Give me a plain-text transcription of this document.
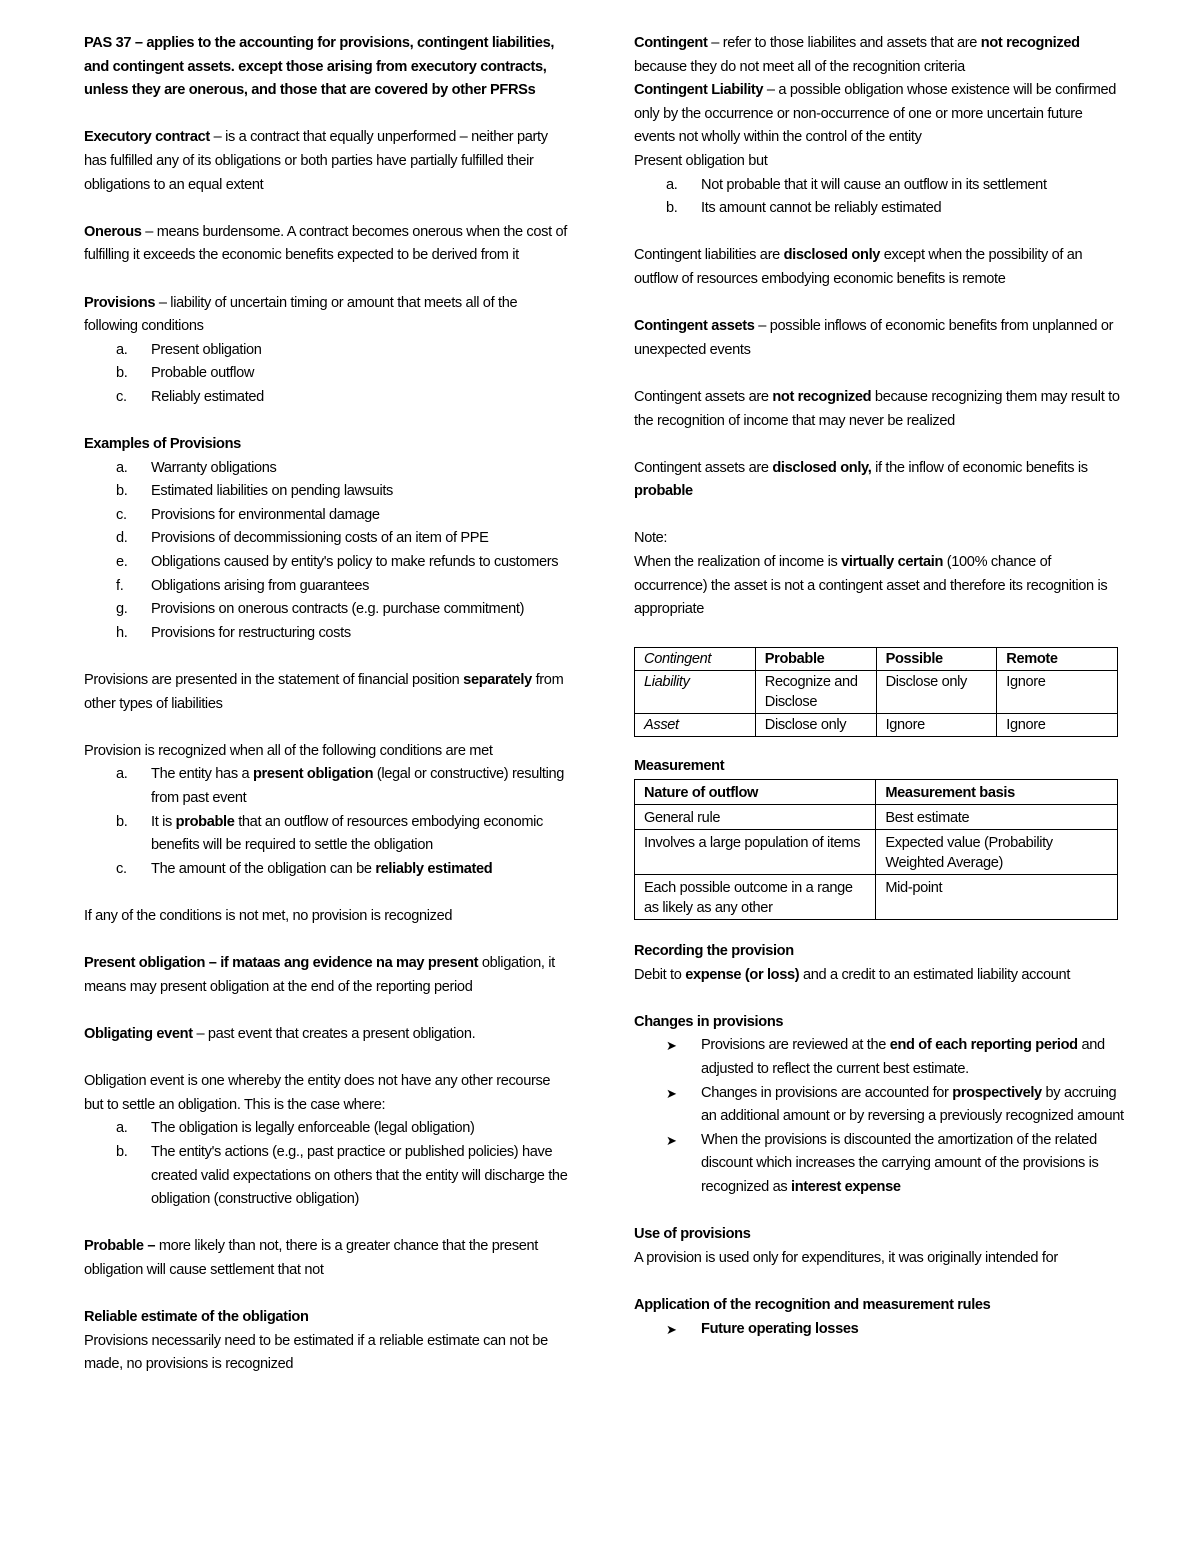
PAS 37 – applies to the accounting for provisions, contingent liabilities, and contingent assets. except those arising from executory contracts, unless they are onerous, and those that are covered by other PFRSs

Executory contract – is a contract that equally unperformed – neither party has fulfilled any of its obligations or both parties have partially fulfilled their obligations to an equal extent

Onerous – means burdensome. A contract becomes onerous when the cost of fulfilling it exceeds the economic benefits expected to be derived from it

Provisions – liability of uncertain timing or amount that meets all of the following conditions

a. Present obligation
b. Probable outflow
c. Reliably estimated

Examples of Provisions

a. Warranty obligations
b. Estimated liabilities on pending lawsuits
c. Provisions for environmental damage
d. Provisions of decommissioning costs of an item of PPE
e. Obligations caused by entity's policy to make refunds to customers
f. Obligations arising from guarantees
g. Provisions on onerous contracts (e.g. purchase commitment)
h. Provisions for restructuring costs

Provisions are presented in the statement of financial position separately from other types of liabilities

Provision is recognized when all of the following conditions are met

a. The entity has a present obligation (legal or constructive) resulting from past event
b. It is probable that an outflow of resources embodying economic benefits will be required to settle the obligation
c. The amount of the obligation can be reliably estimated

If any of the conditions is not met, no provision is recognized

Present obligation – if mataas ang evidence na may present obligation, it means may present obligation at the end of the reporting period

Obligating event – past event that creates a present obligation.

Obligation event is one whereby the entity does not have any other recourse but to settle an obligation. This is the case where:

a. The obligation is legally enforceable (legal obligation)
b. The entity's actions (e.g., past practice or published policies) have created valid expectations on others that the entity will discharge the obligation (constructive obligation)

Probable – more likely than not, there is a greater chance that the present obligation will cause settlement that not

Reliable estimate of the obligation

Provisions necessarily need to be estimated if a reliable estimate can not be made, no provisions is recognized

Contingent – refer to those liabilites and assets that are not recognized because they do not meet all of the recognition criteria

Contingent Liability – a possible obligation whose existence will be confirmed only by the occurrence or non-occurrence of one or more uncertain future events not wholly within the control of the entity

Present obligation but

a. Not probable that it will cause an outflow in its settlement
b. Its amount cannot be reliably estimated

Contingent liabilities are disclosed only except when the possibility of an outflow of resources embodying economic benefits is remote

Contingent assets – possible inflows of economic benefits from unplanned or unexpected events

Contingent assets are not recognized because recognizing them may result to the recognition of income that may never be realized

Contingent assets are disclosed only, if the inflow of economic benefits is probable

Note:

When the realization of income is virtually certain (100% chance of occurrence) the asset is not a contingent asset and therefore its recognition is appropriate

Contingent	Probable	Possible	Remote
Liability	Recognize and Disclose	Disclose only	Ignore
Asset	Disclose only	Ignore	Ignore

Measurement

Nature of outflow	Measurement basis
General rule	Best estimate
Involves a large population of items	Expected value (Probability Weighted Average)
Each possible outcome in a range as likely as any other	Mid-point

Recording the provision

Debit to expense (or loss) and a credit to an estimated liability account

Changes in provisions

➤ Provisions are reviewed at the end of each reporting period and adjusted to reflect the current best estimate.
➤ Changes in provisions are accounted for prospectively by accruing an additional amount or by reversing a previously recognized amount
➤ When the provisions is discounted the amortization of the related discount which increases the carrying amount of the provisions is recognized as interest expense

Use of provisions

A provision is used only for expenditures, it was originally intended for

Application of the recognition and measurement rules

➤ Future operating losses
